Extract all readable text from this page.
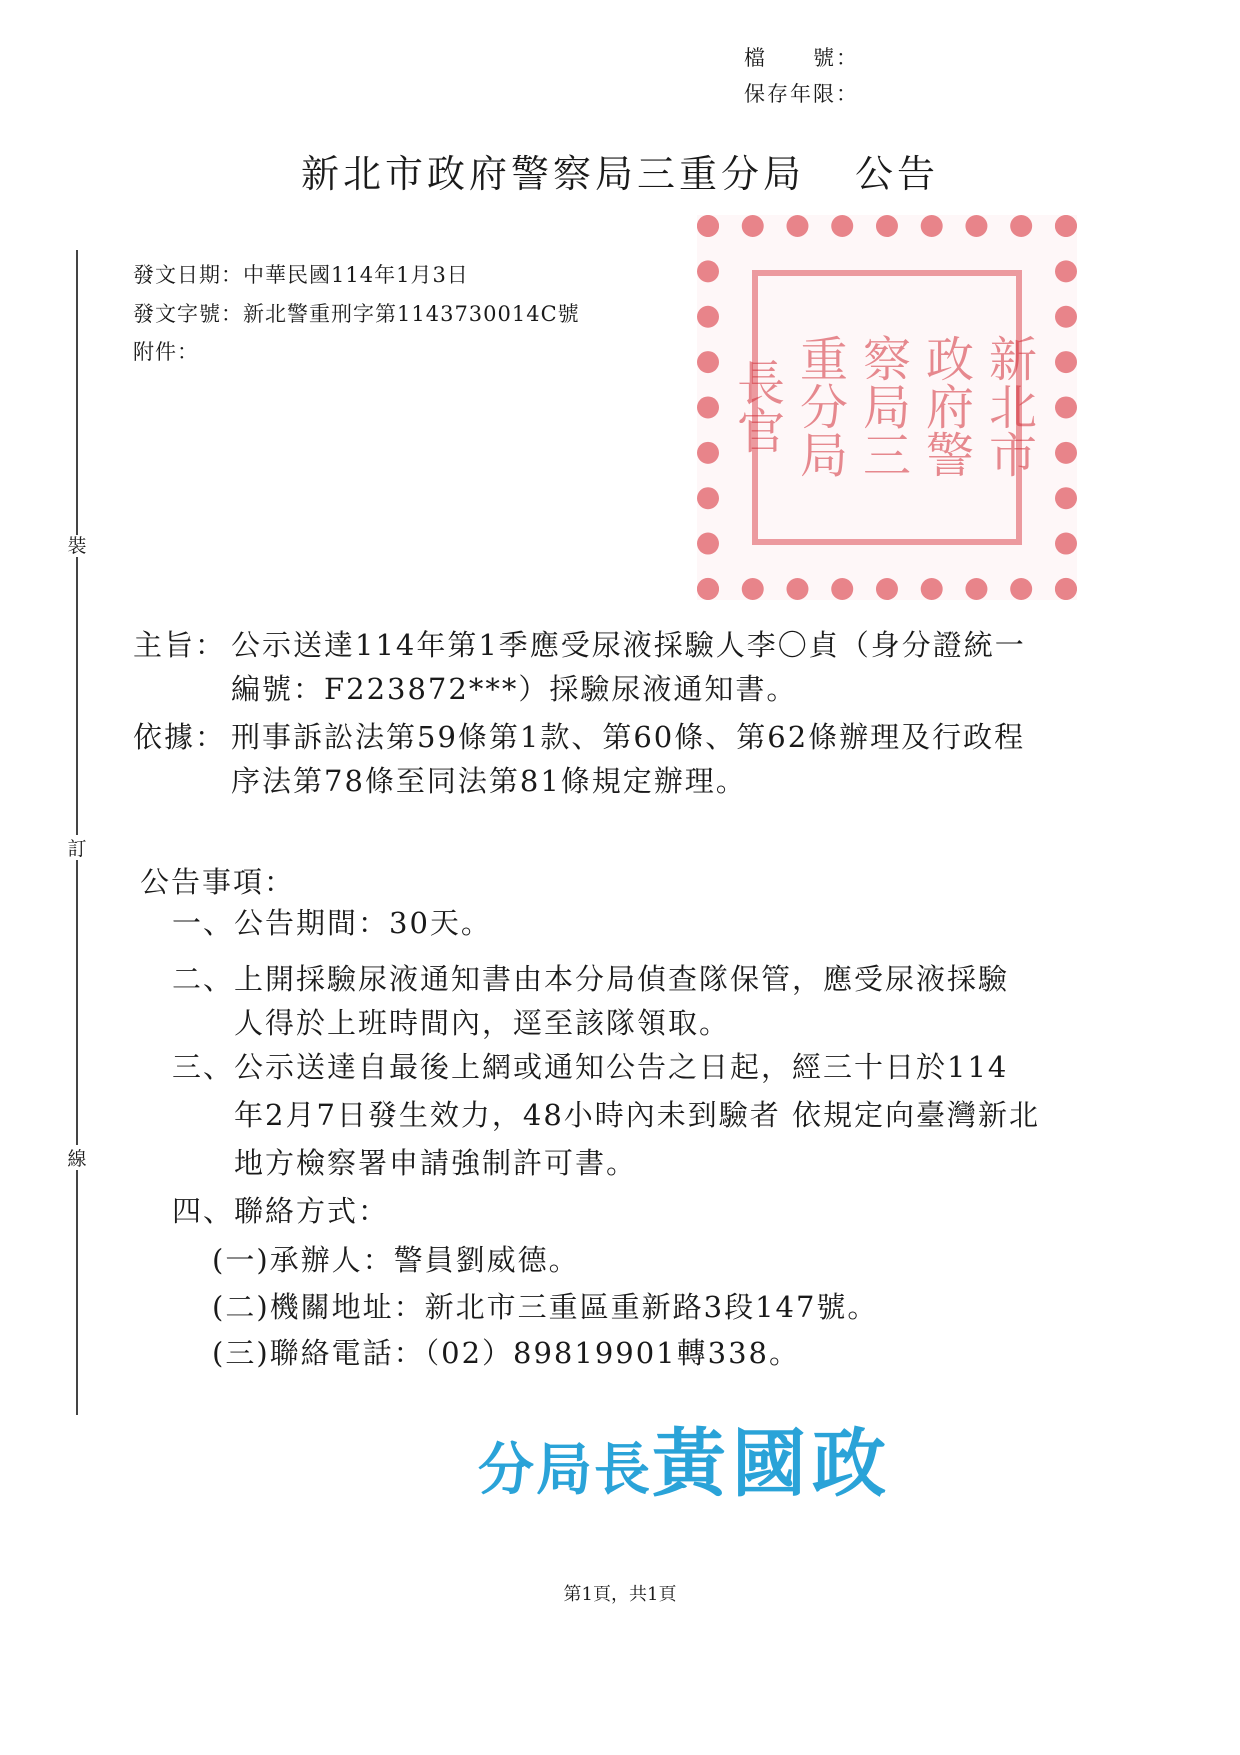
檔　　號：
保存年限：
新北市政府警察局三重分局 公告
裝
訂
線
發文日期：中華民國114年1月3日
發文字號：新北警重刑字第1143730014C號
附件：	新北市
政府警
察局三
重分局
長官
主旨： 公示送達114年第1季應受尿液採驗人李〇貞（身分證統一
編號：F223872***）採驗尿液通知書。
依據： 刑事訴訟法第59條第1款、第60條、第62條辦理及行政程
序法第78條至同法第81條規定辦理。
公告事項：
一、 公告期間：30天。
二、 上開採驗尿液通知書由本分局偵查隊保管，應受尿液採驗
人得於上班時間內，逕至該隊領取。
三、 公示送達自最後上網或通知公告之日起，經三十日於114
年2月7日發生效力，48小時內未到驗者 依規定向臺灣新北
地方檢察署申請強制許可書。
四、 聯絡方式：
(一)承辦人：警員劉威德。
(二)機關地址：新北市三重區重新路3段147號。
(三)聯絡電話：（02）89819901轉338。
分局長黃國政
第1頁，共1頁
